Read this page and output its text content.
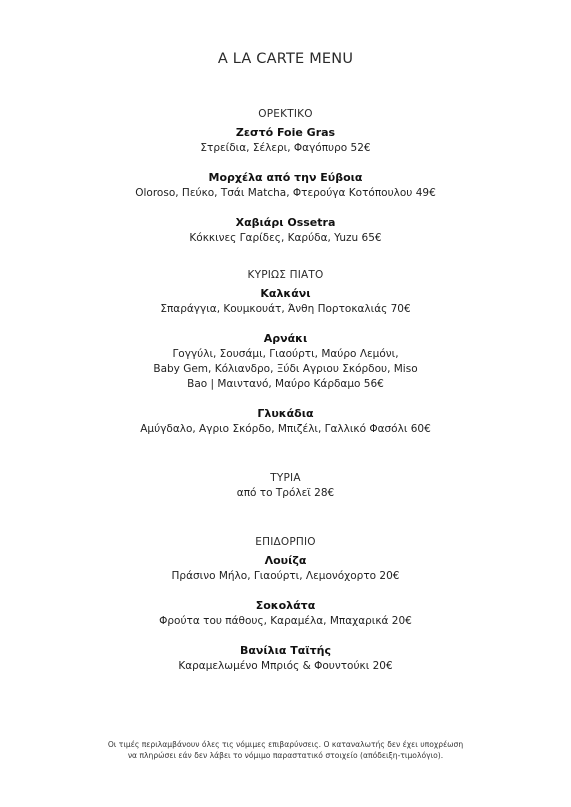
A LA CARTE MENU
ΟΡΕΚΤΙΚΟ
Ζεστό Foie Gras
Στρείδια, Σέλερι, Φαγόπυρο 52€
Μορχέλα από την Εύβοια
Oloroso, Πεύκο, Τσάι Matcha, Φτερούγα Κοτόπουλου 49€
Χαβιάρι Ossetra
Κόκκινες Γαρίδες, Καρύδα, Yuzu 65€
ΚΥΡΙΩΣ ΠΙΑΤΟ
Καλκάνι
Σπαράγγια, Κουμκουάτ, Άνθη Πορτοκαλιάς 70€
Αρνάκι
Γογγύλι, Σουσάμι, Γιαούρτι, Μαύρο Λεμόνι,
Baby Gem, Κόλιανδρο, Ξύδι Αγριου Σκόρδου, Miso
Bao | Μαιντανό, Μαύρο Κάρδαμο 56€
Γλυκάδια
Αμύγδαλο, Αγριο Σκόρδο, Μπιζέλι, Γαλλικό Φασόλι 60€
ΤΥΡΙΑ
από το Τρόλεϊ 28€
ΕΠΙΔΟΡΠΙΟ
Λουίζα
Πράσινο Μήλο, Γιαούρτι, Λεμονόχορτο 20€
Σοκολάτα
Φρούτα του πάθους, Καραμέλα, Μπαχαρικά 20€
Βανίλια Ταϊτής
Καραμελωμένο Μπριός & Φουντούκι 20€
Οι τιμές περιλαμβάνουν όλες τις νόμιμες επιβαρύνσεις. Ο καταναλωτής δεν έχει υποχρέωση
να πληρώσει εάν δεν λάβει το νόμιμο παραστατικό στοιχείο (απόδειξη-τιμολόγιο).
